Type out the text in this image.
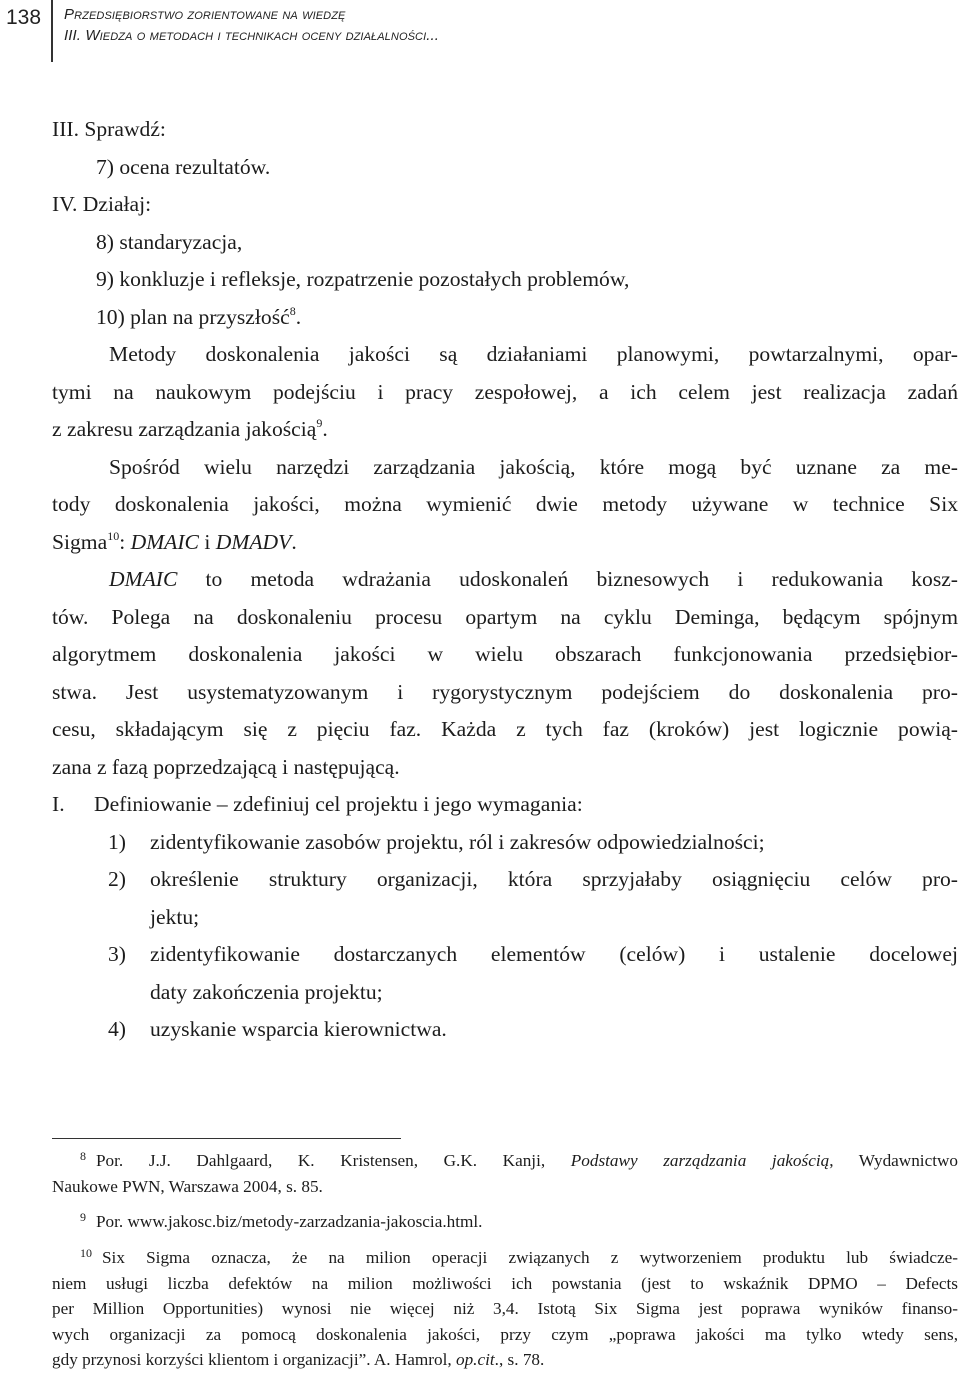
138 Przedsiębiorstwo zorientowane na wiedzę
III. Wiedza o metodach i technikach oceny działalności...
III. Sprawdź:
7) ocena rezultatów.
IV. Działaj:
8) standaryzacja,
9) konkluzje i refleksje, rozpatrzenie pozostałych problemów,
10) plan na przyszłość$^8$.
Metody doskonalenia jakości są działaniami planowymi, powtarzalnymi, opar-
tymi na naukowym podejściu i pracy zespołowej, a ich celem jest realizacja zadań
z zakresu zarządzania jakością$^9$.
Spośród wielu narzędzi zarządzania jakością, które mogą być uznane za me-
tody doskonalenia jakości, można wymienić dwie metody używane w technice Six
Sigma$^{10}$: DMAIC i DMADV.
DMAIC to metoda wdrażania udoskonaleń biznesowych i redukowania kosz-
tów. Polega na doskonaleniu procesu opartym na cyklu Deminga, będącym spójnym
algorytmem doskonalenia jakości w wielu obszarach funkcjonowania przedsiębior-
stwa. Jest usystematyzowanym i rygorystycznym podejściem do doskonalenia pro-
cesu, składającym się z pięciu faz. Każda z tych faz (kroków) jest logicznie powią-
zana z fazą poprzedzającą i następującą.
I. Definiowanie – zdefiniuj cel projektu i jego wymagania:
1) zidentyfikowanie zasobów projektu, ról i zakresów odpowiedzialności;
2) określenie struktury organizacji, która sprzyjałaby osiągnięciu celów pro-
jektu;
3) zidentyfikowanie dostarczanych elementów (celów) i ustalenie docelowej
daty zakończenia projektu;
4) uzyskanie wsparcia kierownictwa.
$^8$ Por. J.J. Dahlgaard, K. Kristensen, G.K. Kanji, Podstawy zarządzania jakością, Wydawnictwo
Naukowe PWN, Warszawa 2004, s. 85.
$^9$ Por. www.jakosc.biz/metody-zarzadzania-jakoscia.html.
$^{10}$ Six Sigma oznacza, że na milion operacji związanych z wytworzeniem produktu lub świadcze-
niem usługi liczba defektów na milion możliwości ich powstania (jest to wskaźnik DPMO – Defects
per Million Opportunities) wynosi nie więcej niż 3,4. Istotą Six Sigma jest poprawa wyników finanso-
wych organizacji za pomocą doskonalenia jakości, przy czym „poprawa jakości ma tylko wtedy sens,
gdy przynosi korzyści klientom i organizacji”. A. Hamrol, op.cit., s. 78.
